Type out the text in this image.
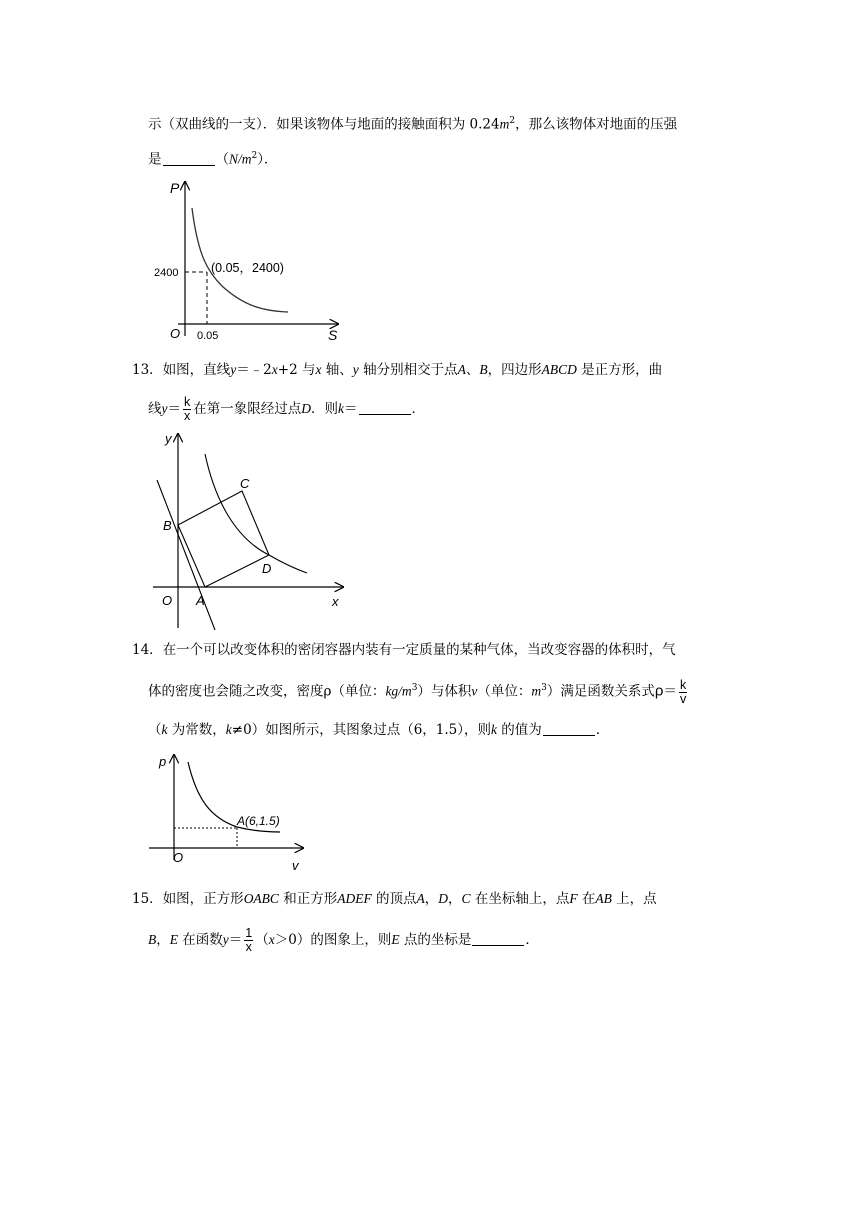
示（双曲线的一支）．如果该物体与地面的接触面积为 $0.24m^2$，那么该物体对地面的压强
是	$(N/m^2)$．
P
S
O
2400
0.05
(0.05，2400)
13．如图，直线y＝﹣2x+2 与x 轴、y 轴分别相交于点A、B，四边形ABCD 是正方形，曲
线$y= \frac{k}{x}$ 在第一象限经过点D．则k＝	．
y
x
O A
B
C
D
14．在一个可以改变体积的密闭容器内装有一定质量的某种气体，当改变容器的体积时，气
体的密度也会随之改变，密度ρ（单位：$kg/m^3$）与体积v（单位：$m^3$）满足函数关系式$\rho= \frac{k}{v}$
（k 为常数，k≠0）如图所示，其图象过点（6，1.5），则k 的值为	．
p
v
O
A(6,1.5)
15．如图，正方形OABC 和正方形ADEF 的顶点A，D，C 在坐标轴上，点F 在AB 上，点
B，E 在函数$y= \frac{1}{x} (x>0)$的图象上，则E 点的坐标是	．
